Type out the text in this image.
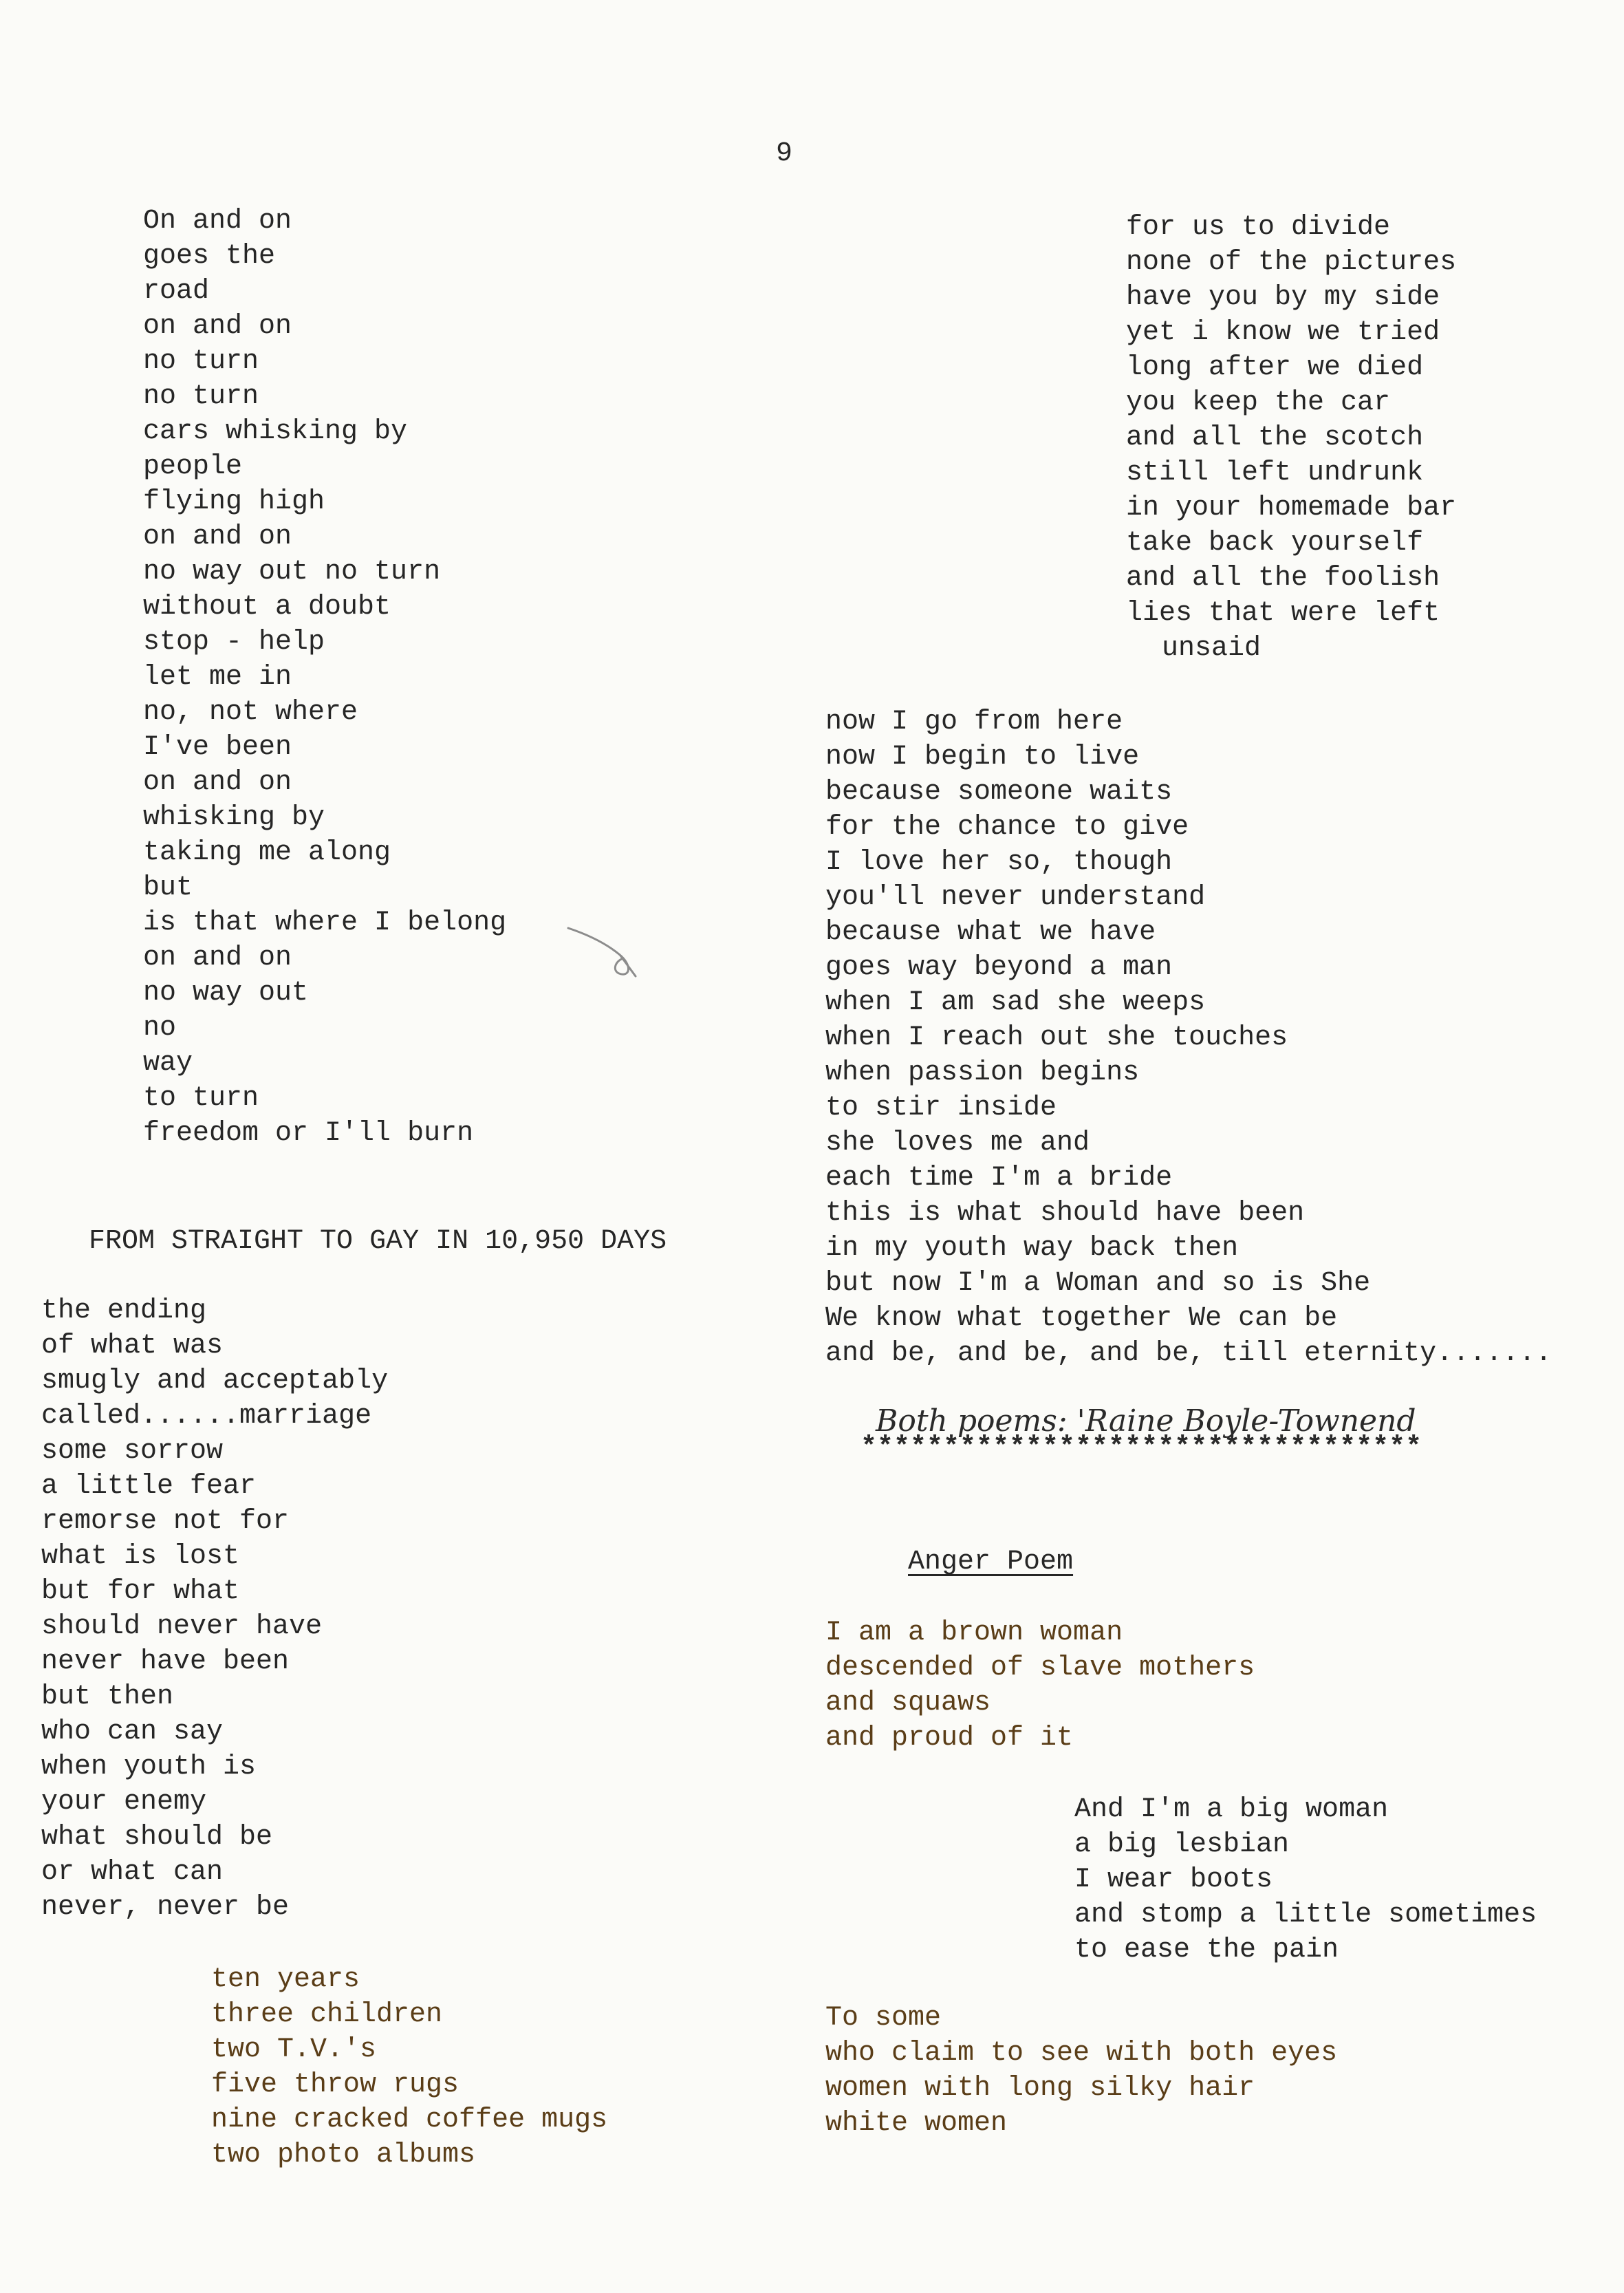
9
On and on
goes the
road
on and on
no turn
no turn
cars whisking by
people
flying high
on and on
no way out no turn
without a doubt
stop - help
let me in
no, not where
I've been
on and on
whisking by
taking me along
but
is that where I belong
on and on
no way out
no
way
to turn
freedom or I'll burn
FROM STRAIGHT TO GAY IN 10,950 DAYS
the ending
of what was
smugly and acceptably
called......marriage
some sorrow
a little fear
remorse not for
what is lost
but for what
should never have
never have been
but then
who can say
when youth is
your enemy
what should be
or what can
never, never be
ten years
three children
two T.V.'s
five throw rugs
nine cracked coffee mugs
two photo albums
for us to divide
none of the pictures
have you by my side
yet i know we tried
long after we died
you keep the car
and all the scotch
still left undrunk
in your homemade bar
take back yourself
and all the foolish
lies that were left
unsaid
now I go from here
now I begin to live
because someone waits
for the chance to give
I love her so, though
you'll never understand
because what we have
goes way beyond a man
when I am sad she weeps
when I reach out she touches
when passion begins
to stir inside
she loves me and
each time I'm a bride
this is what should have been
in my youth way back then
but now I'm a Woman and so is She
We know what together We can be
and be, and be, and be, till eternity.......
Both poems: 'Raine Boyle-Townend
**********************************
Anger Poem
I am a brown woman
descended of slave mothers
and squaws
and proud of it
And I'm a big woman
a big lesbian
I wear boots
and stomp a little sometimes
to ease the pain
To some
who claim to see with both eyes
women with long silky hair
white women
